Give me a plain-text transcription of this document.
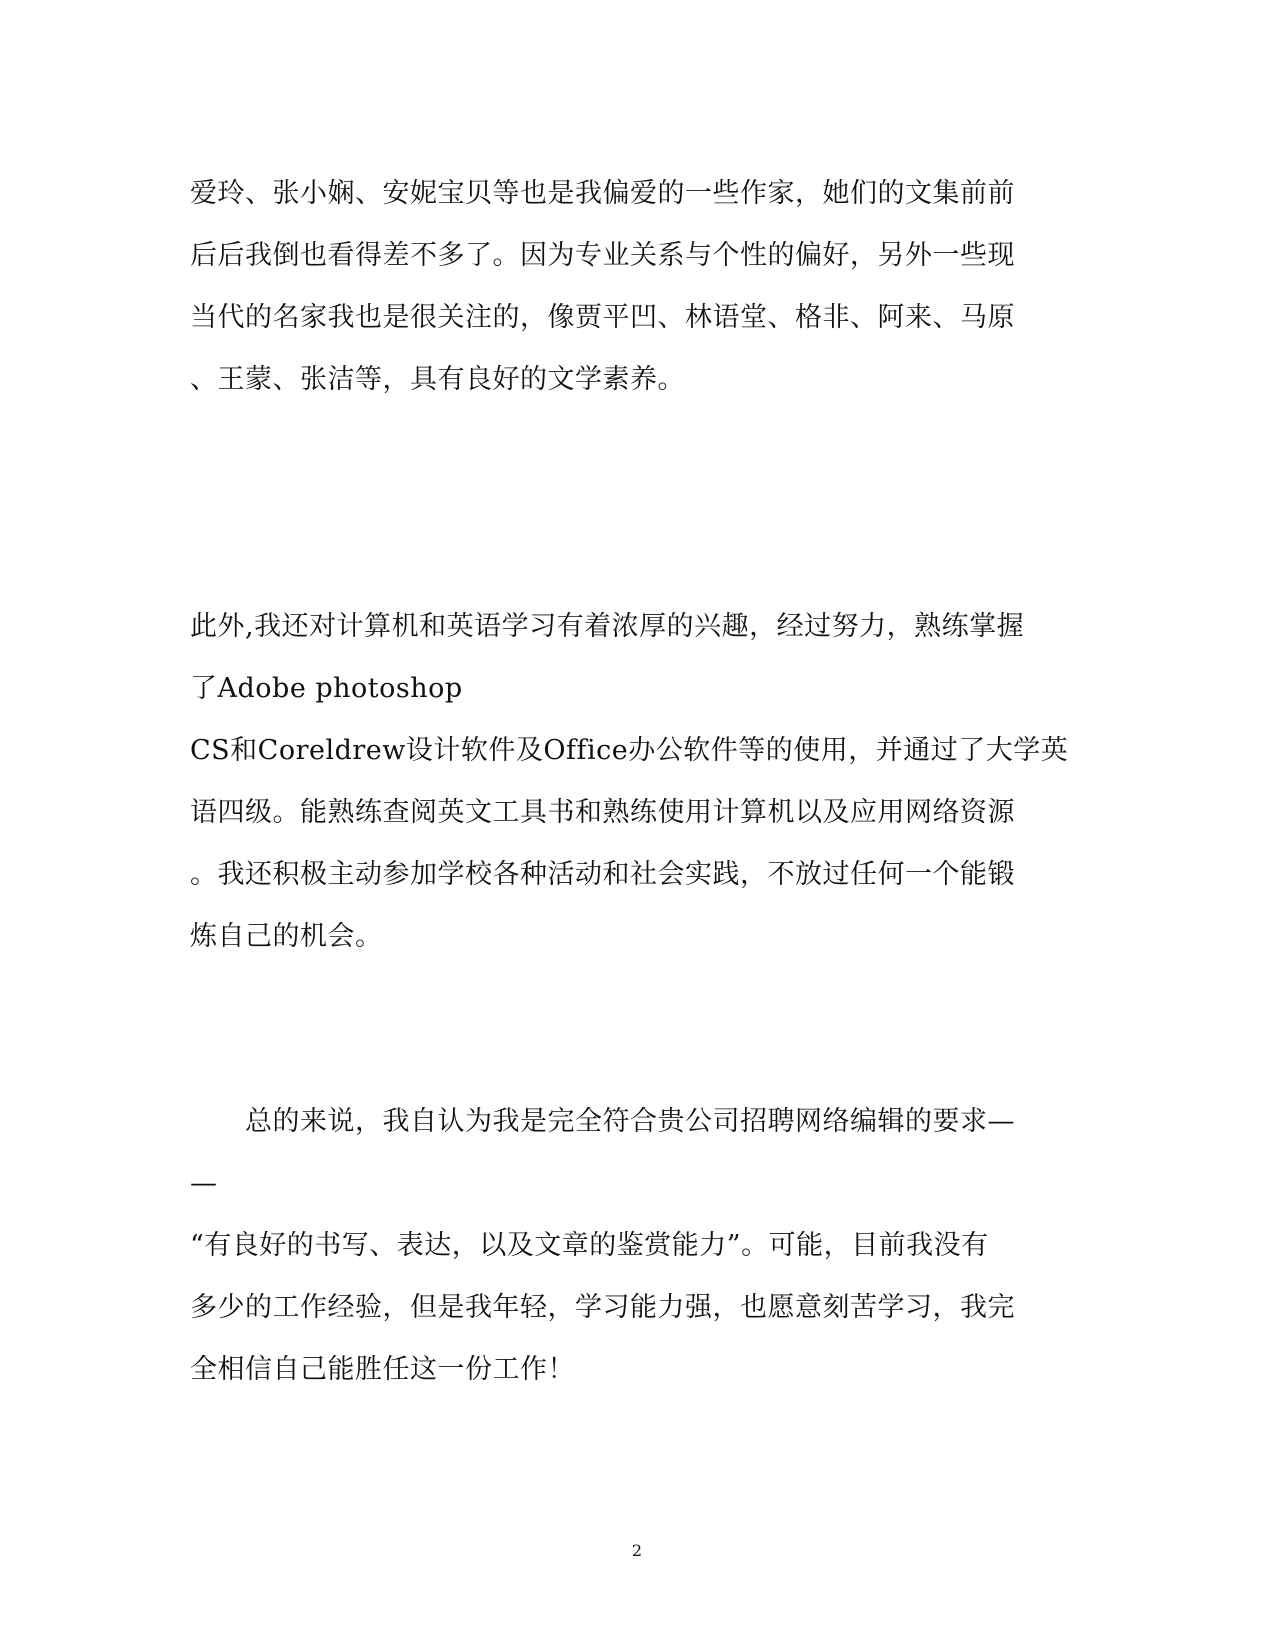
爱玲、张小娴、安妮宝贝等也是我偏爱的一些作家，她们的文集前前
后后我倒也看得差不多了。因为专业关系与个性的偏好，另外一些现
当代的名家我也是很关注的，像贾平凹、林语堂、格非、阿来、马原
、王蒙、张洁等，具有良好的文学素养。
此外,我还对计算机和英语学习有着浓厚的兴趣，经过努力，熟练掌握
了Adobe photoshop
CS和Coreldrew设计软件及Office办公软件等的使用，并通过了大学英
语四级。能熟练查阅英文工具书和熟练使用计算机以及应用网络资源
。我还积极主动参加学校各种活动和社会实践，不放过任何一个能锻
炼自己的机会。
　　总的来说，我自认为我是完全符合贵公司招聘网络编辑的要求—
—
“有良好的书写、表达，以及文章的鉴赏能力”。可能，目前我没有
多少的工作经验，但是我年轻，学习能力强，也愿意刻苦学习，我完
全相信自己能胜任这一份工作！
2
